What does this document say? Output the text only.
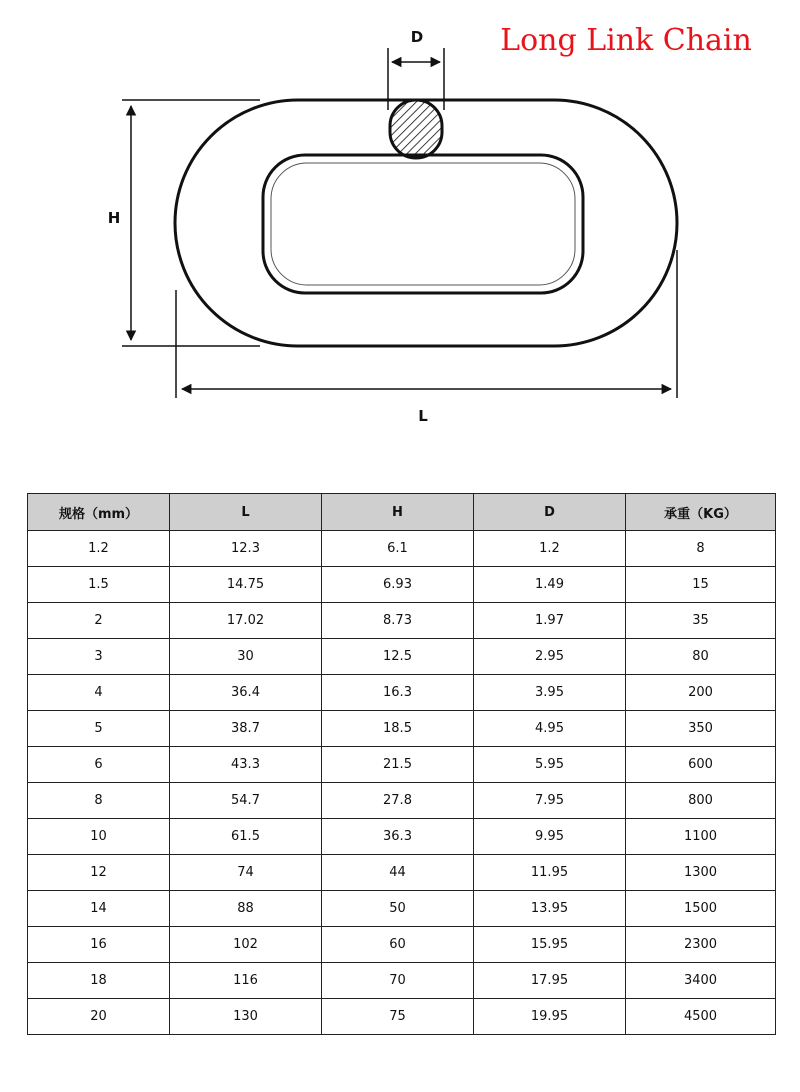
Long Link Chain
D
H
L
规格（mm）	L	H	D	承重（KG）
1.2	12.3	6.1	1.2	8
1.5	14.75	6.93	1.49	15
2	17.02	8.73	1.97	35
3	30	12.5	2.95	80
4	36.4	16.3	3.95	200
5	38.7	18.5	4.95	350
6	43.3	21.5	5.95	600
8	54.7	27.8	7.95	800
10	61.5	36.3	9.95	1100
12	74	44	11.95	1300
14	88	50	13.95	1500
16	102	60	15.95	2300
18	116	70	17.95	3400
20	130	75	19.95	4500
